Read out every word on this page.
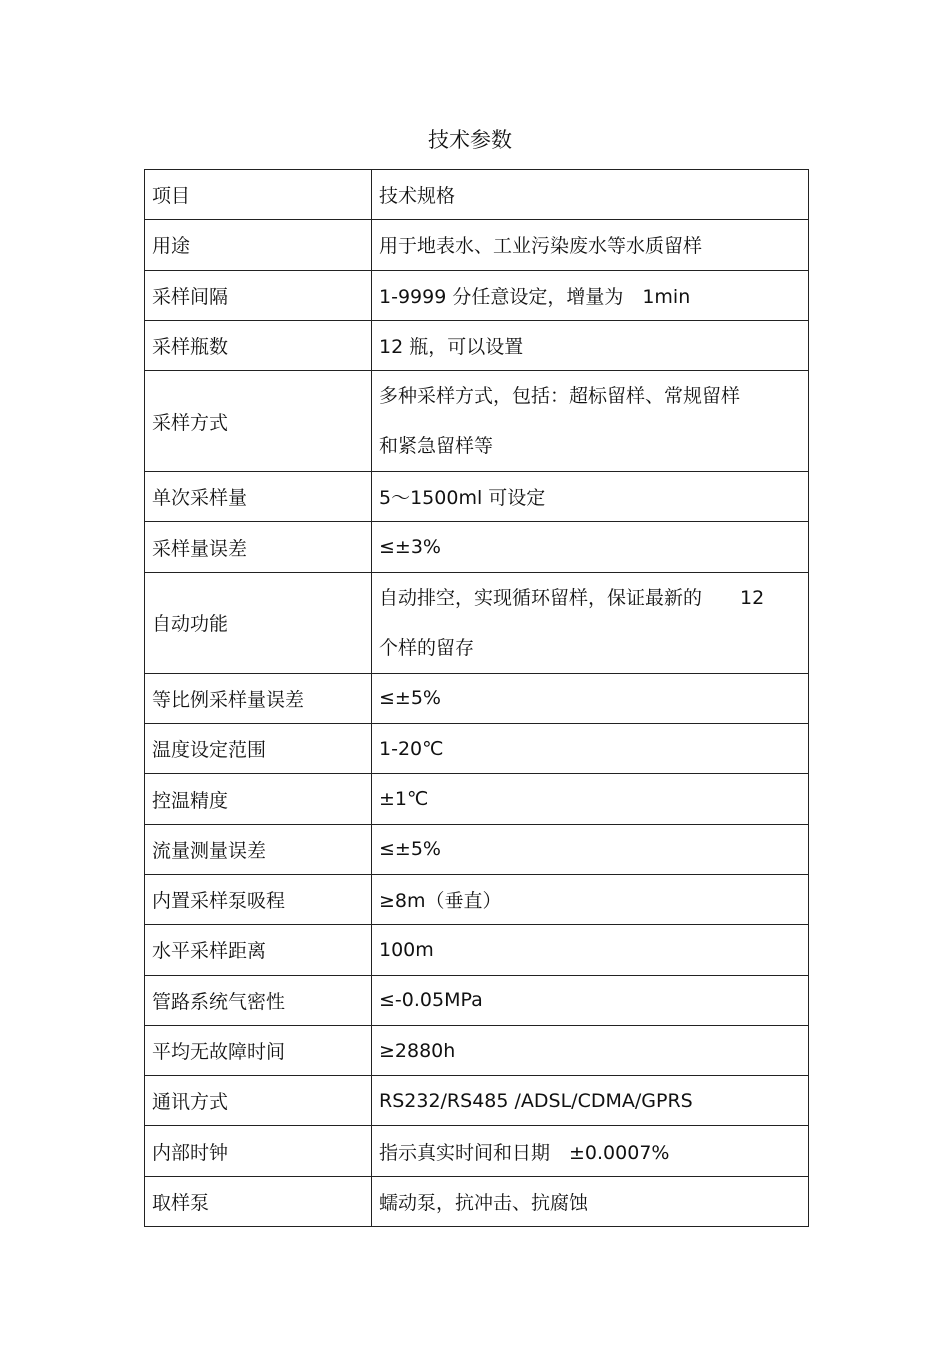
技术参数
项目	技术规格
用途	用于地表水、工业污染废水等水质留样
采样间隔	1-9999 分任意设定，增量为　1min
采样瓶数	12 瓶，可以设置
采样方式	多种采样方式，包括：超标留样、常规留样
和紧急留样等

单次采样量	5～1500ml 可设定
采样量误差	≤±3%
自动功能	自动排空，实现循环留样，保证最新的　　12
个样的留存

等比例采样量误差	≤±5%
温度设定范围	1-20℃
控温精度	±1℃
流量测量误差	≤±5%
内置采样泵吸程	≥8m（垂直）
水平采样距离	100m
管路系统气密性	≤-0.05MPa
平均无故障时间	≥2880h
通讯方式	RS232/RS485 /ADSL/CDMA/GPRS
内部时钟	指示真实时间和日期　±0.0007%
取样泵	蠕动泵，抗冲击、抗腐蚀
